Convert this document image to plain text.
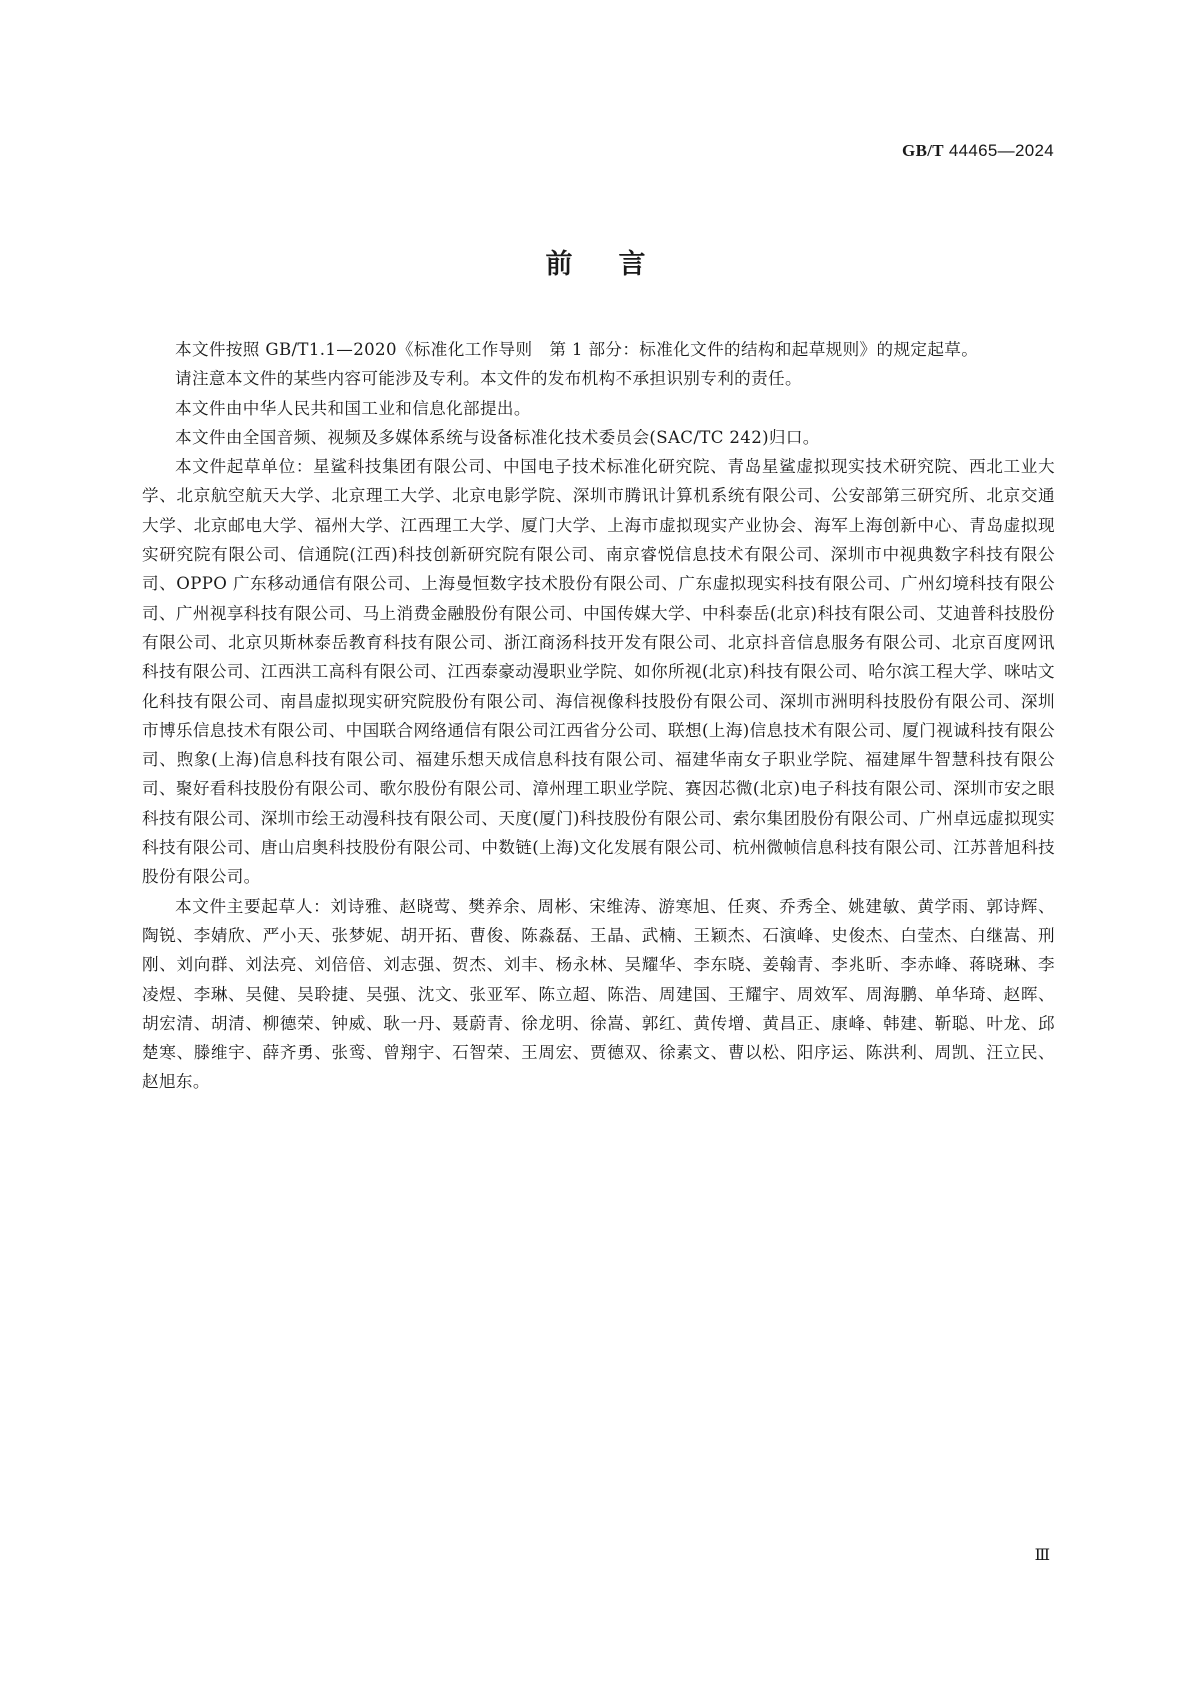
GB/T 44465—2024
前言

本文件按照 GB/T1.1—2020《标准化工作导则　第 1 部分：标准化文件的结构和起草规则》的规定起草。

请注意本文件的某些内容可能涉及专利。本文件的发布机构不承担识别专利的责任。

本文件由中华人民共和国工业和信息化部提出。

本文件由全国音频、视频及多媒体系统与设备标准化技术委员会(SAC/TC 242)归口。

本文件起草单位：星鲨科技集团有限公司、中国电子技术标准化研究院、青岛星鲨虚拟现实技术研究院、西北工业大学、北京航空航天大学、北京理工大学、北京电影学院、深圳市腾讯计算机系统有限公司、公安部第三研究所、北京交通大学、北京邮电大学、福州大学、江西理工大学、厦门大学、上海市虚拟现实产业协会、海军上海创新中心、青岛虚拟现实研究院有限公司、信通院(江西)科技创新研究院有限公司、南京睿悦信息技术有限公司、深圳市中视典数字科技有限公司、OPPO 广东移动通信有限公司、上海曼恒数字技术股份有限公司、广东虚拟现实科技有限公司、广州幻境科技有限公司、广州视享科技有限公司、马上消费金融股份有限公司、中国传媒大学、中科泰岳(北京)科技有限公司、艾迪普科技股份有限公司、北京贝斯林泰岳教育科技有限公司、浙江商汤科技开发有限公司、北京抖音信息服务有限公司、北京百度网讯科技有限公司、江西洪工高科有限公司、江西泰豪动漫职业学院、如你所视(北京)科技有限公司、哈尔滨工程大学、咪咕文化科技有限公司、南昌虚拟现实研究院股份有限公司、海信视像科技股份有限公司、深圳市洲明科技股份有限公司、深圳市博乐信息技术有限公司、中国联合网络通信有限公司江西省分公司、联想(上海)信息技术有限公司、厦门视诚科技有限公司、煦象(上海)信息科技有限公司、福建乐想天成信息科技有限公司、福建华南女子职业学院、福建犀牛智慧科技有限公司、聚好看科技股份有限公司、歌尔股份有限公司、漳州理工职业学院、赛因芯微(北京)电子科技有限公司、深圳市安之眼科技有限公司、深圳市绘王动漫科技有限公司、天度(厦门)科技股份有限公司、索尔集团股份有限公司、广州卓远虚拟现实科技有限公司、唐山启奥科技股份有限公司、中数链(上海)文化发展有限公司、杭州微帧信息科技有限公司、江苏普旭科技股份有限公司。

本文件主要起草人：刘诗雅、赵晓莺、樊养余、周彬、宋维涛、游寒旭、任爽、乔秀全、姚建敏、黄学雨、郭诗辉、陶锐、李婧欣、严小天、张梦妮、胡开拓、曹俊、陈淼磊、王晶、武楠、王颖杰、石演峰、史俊杰、白莹杰、白继嵩、刑刚、刘向群、刘法亮、刘倍倍、刘志强、贺杰、刘丰、杨永林、吴耀华、李东晓、姜翰青、李兆昕、李赤峰、蒋晓琳、李凌煜、李琳、吴健、吴聆捷、吴强、沈文、张亚军、陈立超、陈浩、周建国、王耀宇、周效军、周海鹏、单华琦、赵晖、胡宏清、胡清、柳德荣、钟威、耿一丹、聂蔚青、徐龙明、徐嵩、郭红、黄传增、黄昌正、康峰、韩建、靳聪、叶龙、邱楚寒、滕维宇、薛齐勇、张鸾、曾翔宇、石智荣、王周宏、贾德双、徐素文、曹以松、阳序运、陈洪利、周凯、汪立民、赵旭东。

Ⅲ
